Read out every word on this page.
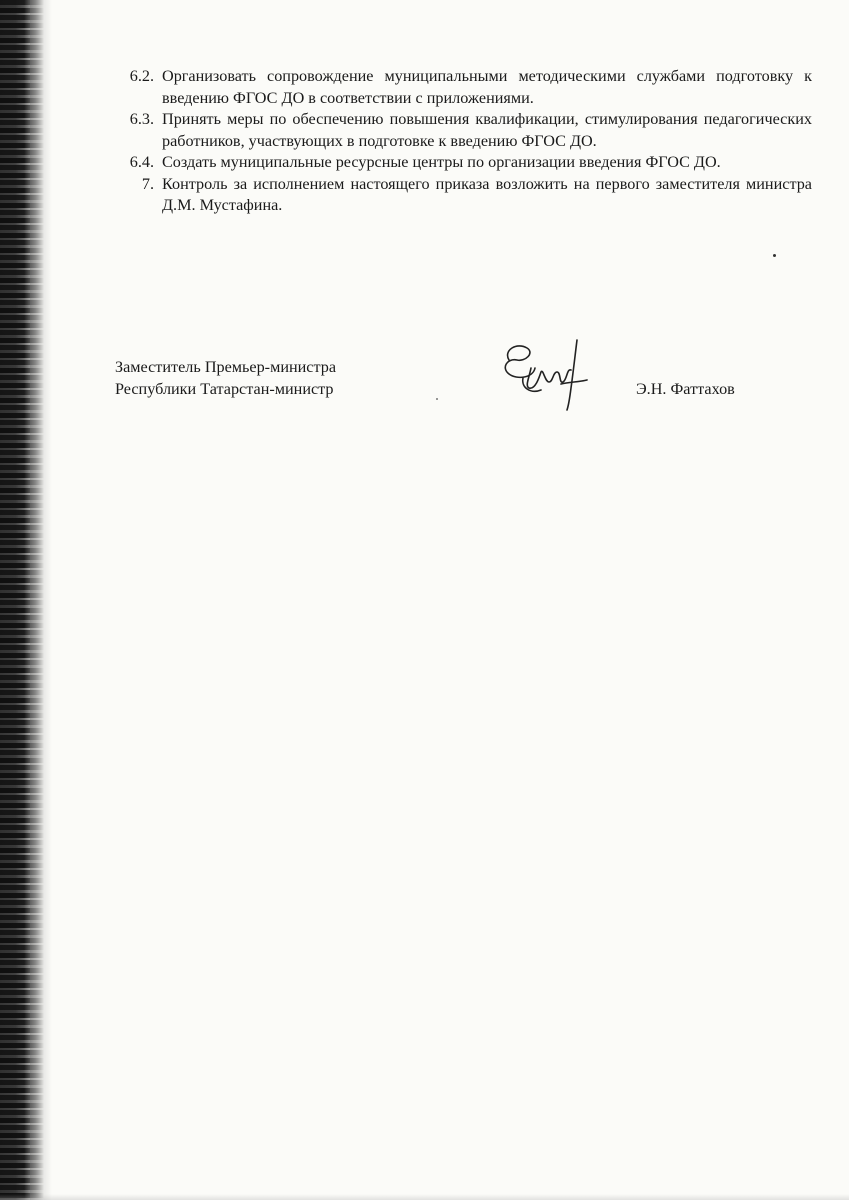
6.2. Организовать сопровождение муниципальными методическими службами подготовку к введению ФГОС ДО в соответствии с приложениями.
6.3. Принять меры по обеспечению повышения квалификации, стимулирования педагогических работников, участвующих в подготовке к введению ФГОС ДО.
6.4. Создать муниципальные ресурсные центры по организации введения ФГОС ДО.
7. Контроль за исполнением настоящего приказа возложить на первого заместителя министра Д.М. Мустафина.
Заместитель Премьер-министра
Республики Татарстан-министр	Э.Н. Фаттахов
